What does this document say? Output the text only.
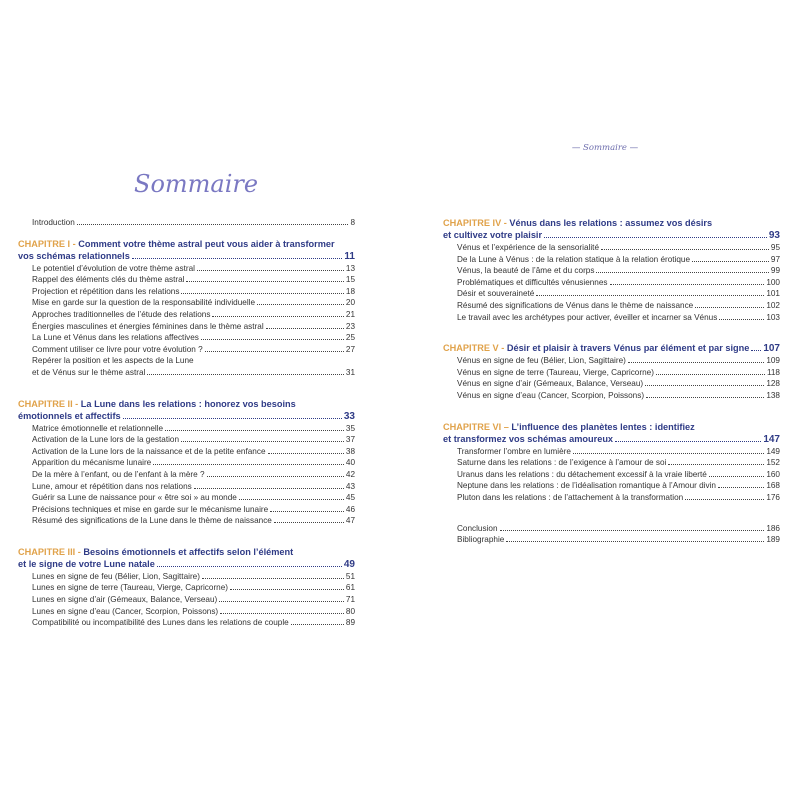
Sommaire
Introduction	8
CHAPITRE I - Comment votre thème astral peut vous aider à transformer
vos schémas relationnels	11
Le potentiel d’évolution de votre thème astral	13
Rappel des éléments clés du thème astral	15
Projection et répétition dans les relations	18
Mise en garde sur la question de la responsabilité individuelle	20
Approches traditionnelles de l’étude des relations	21
Énergies masculines et énergies féminines dans le thème astral	23
La Lune et Vénus dans les relations affectives	25
Comment utiliser ce livre pour votre évolution ?	27
Repérer la position et les aspects de la Lune
et de Vénus sur le thème astral	31
CHAPITRE II - La Lune dans les relations : honorez vos besoins
émotionnels et affectifs	33
Matrice émotionnelle et relationnelle	35
Activation de la Lune lors de la gestation	37
Activation de la Lune lors de la naissance et de la petite enfance	38
Apparition du mécanisme lunaire	40
De la mère à l’enfant, ou de l’enfant à la mère ?	42
Lune, amour et répétition dans nos relations	43
Guérir sa Lune de naissance pour « être soi » au monde	45
Précisions techniques et mise en garde sur le mécanisme lunaire	46
Résumé des significations de la Lune dans le thème de naissance	47
CHAPITRE III - Besoins émotionnels et affectifs selon l’élément
et le signe de votre Lune natale	49
Lunes en signe de feu (Bélier, Lion, Sagittaire)	51
Lunes en signe de terre (Taureau, Vierge, Capricorne)	61
Lunes en signe d’air (Gémeaux, Balance, Verseau)	71
Lunes en signe d’eau (Cancer, Scorpion, Poissons)	80
Compatibilité ou incompatibilité des Lunes dans les relations de couple	89
— Sommaire —
CHAPITRE IV - Vénus dans les relations : assumez vos désirs
et cultivez votre plaisir	93
Vénus et l’expérience de la sensorialité	95
De la Lune à Vénus : de la relation statique à la relation érotique	97
Vénus, la beauté de l’âme et du corps	99
Problématiques et difficultés vénusiennes	100
Désir et souveraineté	101
Résumé des significations de Vénus dans le thème de naissance	102
Le travail avec les archétypes pour activer, éveiller et incarner sa Vénus	103
CHAPITRE V - Désir et plaisir à travers Vénus par élément et par signe 107
Vénus en signe de feu (Bélier, Lion, Sagittaire)	109
Vénus en signe de terre (Taureau, Vierge, Capricorne)	118
Vénus en signe d’air (Gémeaux, Balance, Verseau)	128
Vénus en signe d’eau (Cancer, Scorpion, Poissons)	138
CHAPITRE VI – L’influence des planètes lentes : identifiez
et transformez vos schémas amoureux	147
Transformer l’ombre en lumière	149
Saturne dans les relations : de l’exigence à l’amour de soi	152
Uranus dans les relations : du détachement excessif à la vraie liberté	160
Neptune dans les relations : de l’idéalisation romantique à l’Amour divin	168
Pluton dans les relations : de l’attachement à la transformation	176
Conclusion	186
Bibliographie	189
